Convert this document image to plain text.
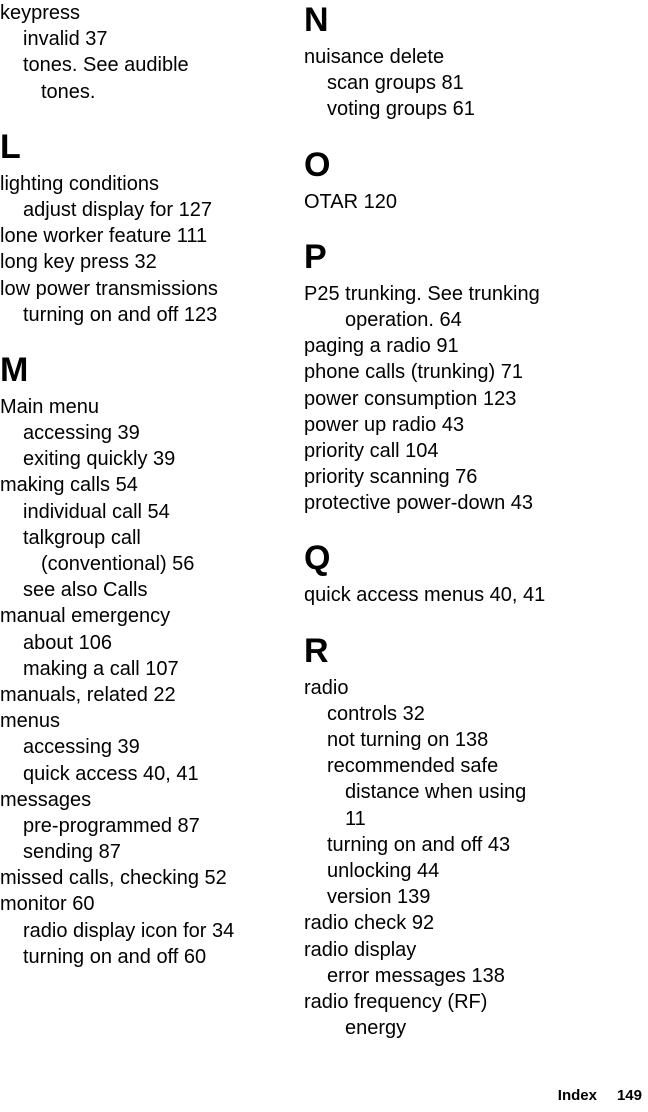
keypress
invalid 37
tones. See audible
tones.
L
lighting conditions
adjust display for 127
lone worker feature 111
long key press 32
low power transmissions
turning on and off 123
M
Main menu
accessing 39
exiting quickly 39
making calls 54
individual call 54
talkgroup call
(conventional) 56
see also Calls
manual emergency
about 106
making a call 107
manuals, related 22
menus
accessing 39
quick access 40, 41
messages
pre-programmed 87
sending 87
missed calls, checking 52
monitor 60
radio display icon for 34
turning on and off 60
N
nuisance delete
scan groups 81
voting groups 61
O
OTAR 120
P
P25 trunking. See trunking
operation. 64
paging a radio 91
phone calls (trunking) 71
power consumption 123
power up radio 43
priority call 104
priority scanning 76
protective power-down 43
Q
quick access menus 40, 41
R
radio
controls 32
not turning on 138
recommended safe
distance when using
11
turning on and off 43
unlocking 44
version 139
radio check 92
radio display
error messages 138
radio frequency (RF)
energy
Index 149
